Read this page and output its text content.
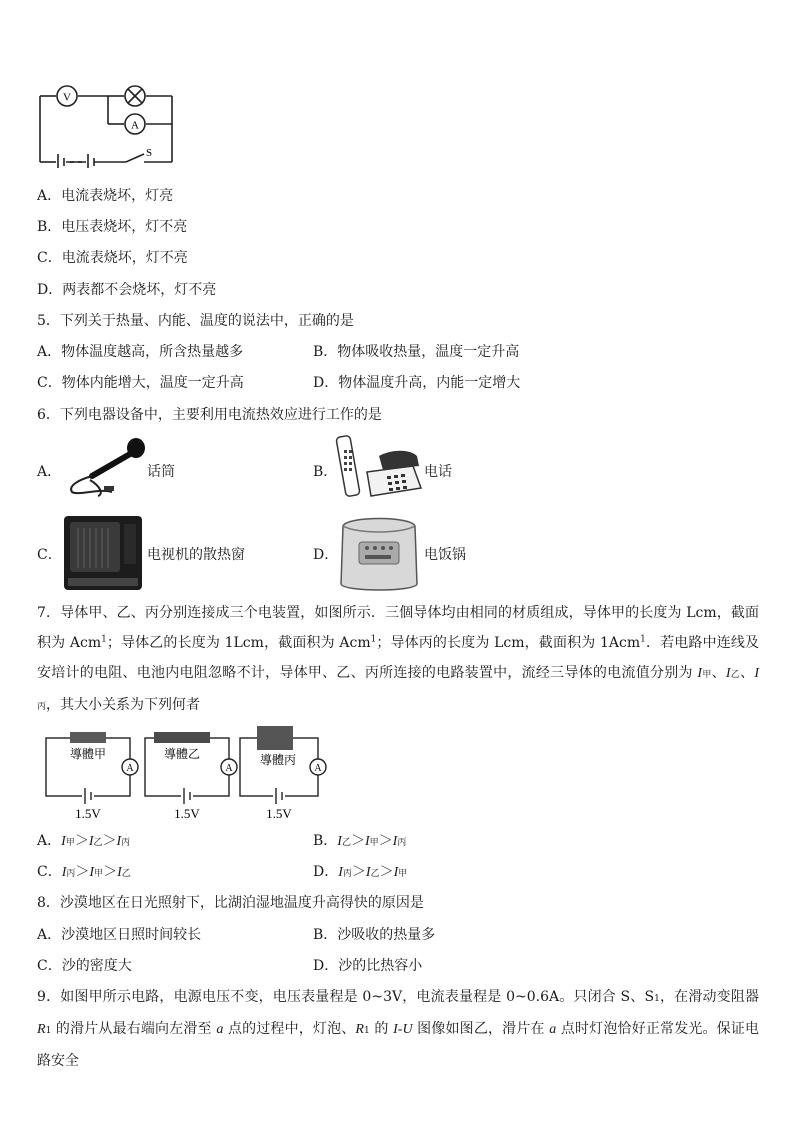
V
A
S
A．电流表烧坏，灯亮
B．电压表烧坏，灯不亮
C．电流表烧坏，灯不亮
D．两表都不会烧坏，灯不亮
5．下列关于热量、内能、温度的说法中，正确的是
A．物体温度越高，所含热量越多	B．物体吸收热量，温度一定升高
C．物体内能增大，温度一定升高	D．物体温度升高，内能一定增大
6．下列电器设备中，主要利用电流热效应进行工作的是
A．	话筒	B．	电话
C．	电视机的散热窗	D．	电饭锅
7．导体甲、乙、丙分别连接成三个电装置，如图所示．三個导体均由相同的材质组成，导体甲的长度为 Lcm，截面积为 Acm$^1$；导体乙的长度为 1Lcm，截面积为 Acm$^1$；导体丙的长度为 Lcm，截面积为 1Acm$^1$．若电路中连线及安培计的电阻、电池内电阻忽略不计，导体甲、乙、丙所连接的电路装置中，流经三导体的电流值分别为 I甲、I乙、I丙，其大小关系为下列何者
導體甲	導體乙	導體丙
A	A	A
1.5V	1.5V	1.5V
A．I甲＞I乙＞I丙	B．I乙＞I甲＞I丙
C．I丙＞I甲＞I乙	D．I丙＞I乙＞I甲
8．沙漠地区在日光照射下，比湖泊湿地温度升高得快的原因是
A．沙漠地区日照时间较长	B．沙吸收的热量多
C．沙的密度大	D．沙的比热容小
9．如图甲所示电路，电源电压不变，电压表量程是 0~3V，电流表量程是 0~0.6A。只闭合 S、S1，在滑动变阻器 R1 的滑片从最右端向左滑至 a 点的过程中，灯泡、R1 的 I-U 图像如图乙，滑片在 a 点时灯泡恰好正常发光。保证电路安全
